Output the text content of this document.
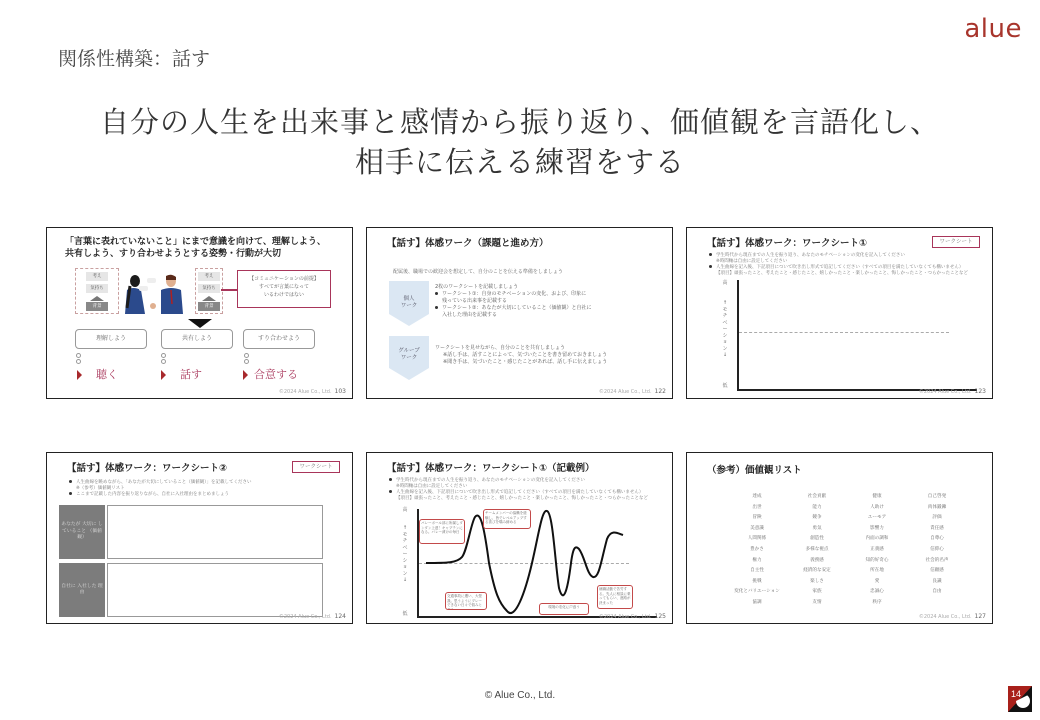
alue
関係性構築：話す
自分の人生を出来事と感情から振り返り、価値観を言語化し、
相手に伝える練習をする
「言葉に表れていないこと」にまで意識を向けて、理解しよう、
共有しよう、すり合わせようとする姿勢・行動が大切
考え
気持ち
背景
考え
気持ち
背景
【コミュニケーションの前提】
すべてが言葉になって
いるわけではない
理解しよう	共有しよう	すり合わせよう
聴く	話す	合意する
©2024 Alue Co., Ltd. 103
【話す】体感ワーク（課題と進め方）
配属後、職場での歓迎会を想定して、自分のことを伝える準備をしましょう
個人
ワーク
2枚のワークシートを記載しましょう
ワークシート①：自身のモチベーションの変化、および、印象に
残っている出来事を記載する
ワークシート②：あなたが大切にしていること（価値観）と自社に
入社した理由を記載する
グループ
ワーク
ワークシートを見せながら、自分のことを共有しましょう
※話し手は、話すことによって、気づいたことを書き留めておきましょう
※聞き手は、気づいたこと・感じたことがあれば、話し手に伝えましょう
©2024 Alue Co., Ltd. 122
【話す】体感ワーク：ワークシート①	ワークシート
学生時代から現在までの人生を振り返り、あなたのモチベーションの変化を記入してください
※時間軸は自由に設定してください
人生曲線を記入後、下記項目について吹き出し形式で追記してください（すべての項目を満たしていなくても構いません）
【項目】頑張ったこと、考えたこと・感じたこと、嬉しかったこと・楽しかったこと、悔しかったこと・つらかったことなど
高
↑ モチベーション ↓
低
©2024 Alue Co., Ltd. 123
【話す】体感ワーク：ワークシート②	ワークシート
人生曲線を眺めながら、「あなたが大切にしていること（価値観）」を記載してください
※（参考）価値観リスト
ここまで記載した内容を振り返りながら、自社に入社理由をまとめましょう
あなたが 大切に していること （価値観）
自社に 入社した 理由
©2024 Alue Co., Ltd. 124
【話す】体感ワーク：ワークシート①（記載例）
学生時代から現在までの人生を振り返り、あなたのモチベーションの変化を記入してください
※時間軸は自由に設定してください
人生曲線を記入後、下記項目について吹き出し形式で追記してください（すべての項目を満たしていなくても構いません）
【項目】頑張ったこと、考えたこと・感じたこと、嬉しかったこと・楽しかったこと、悔しかったこと・つらかったことなど
高
↑ モチベーション ↓
低
バレーボール部に所属しダンダン上達！キャプテンになる。バレー漬けの毎日
交通事故に遭い、大怪我。思うようにプレーできない日々で悩みとする
チームメンバーの協働を経験し、皆でレベルアップする喜びを噛み締める
環境の変化に戸惑う
就職活動で苦労する。先人に相談に乗ってもらい、進路が決まった
©2024 Alue Co., Ltd. 125
（参考）価値観リスト
達成	社会貢献	健康	自己啓発
出世	能力	人助け	肉体鍛錬
冒険	競争	ユーモア	評価
美意識	勇気	影響力	責任感
人間関係	創造性	内面の調和	自尊心
豊かさ	多様な視点	正義感	信仰心
権力	義務感	知的好奇心	社会的名声
自主性	経済的な安定	所在地	信頼感
挑戦	楽しさ	愛	良識
変化とバリエーション	家族	忠誠心	自由
協調	友情	秩序
©2024 Alue Co., Ltd. 127
© Alue Co., Ltd.	14
